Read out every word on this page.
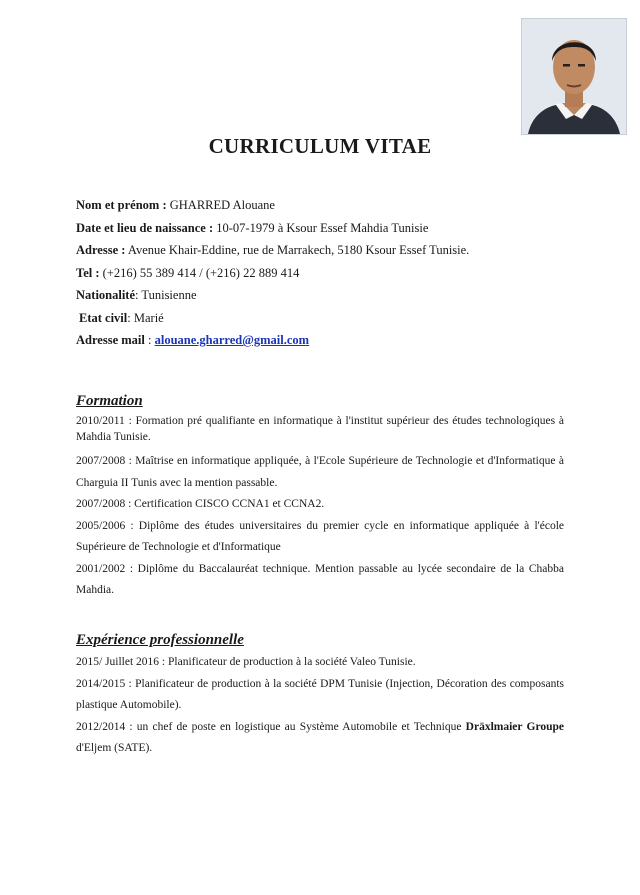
CURRICULUM VITAE
Nom et prénom : GHARRED Alouane
Date et lieu de naissance : 10-07-1979 à Ksour Essef Mahdia Tunisie
Adresse : Avenue Khair-Eddine, rue de Marrakech, 5180 Ksour Essef Tunisie.
Tel : (+216) 55 389 414 / (+216) 22 889 414
Nationalité: Tunisienne
Etat civil: Marié
Adresse mail : alouane.gharred@gmail.com
Formation

2010/2011 : Formation pré qualifiante en informatique à l'institut supérieur des études technologiques à Mahdia Tunisie.

2007/2008 : Maîtrise en informatique appliquée, à l'Ecole Supérieure de Technologie et d'Informatique à Charguia II Tunis avec la mention passable.

2007/2008 : Certification CISCO CCNA1 et CCNA2.

2005/2006 : Diplôme des études universitaires du premier cycle en informatique appliquée à l'école Supérieure de Technologie et d'Informatique

2001/2002 : Diplôme du Baccalauréat technique. Mention passable au lycée secondaire de la Chabba Mahdia.

Expérience professionnelle

2015/ Juillet 2016 : Planificateur de production à la société Valeo Tunisie.

2014/2015 : Planificateur de production à la société DPM Tunisie (Injection, Décoration des composants plastique Automobile).

2012/2014 : un chef de poste en logistique au Système Automobile et Technique Dräxlmaier Groupe d'Eljem (SATE).
